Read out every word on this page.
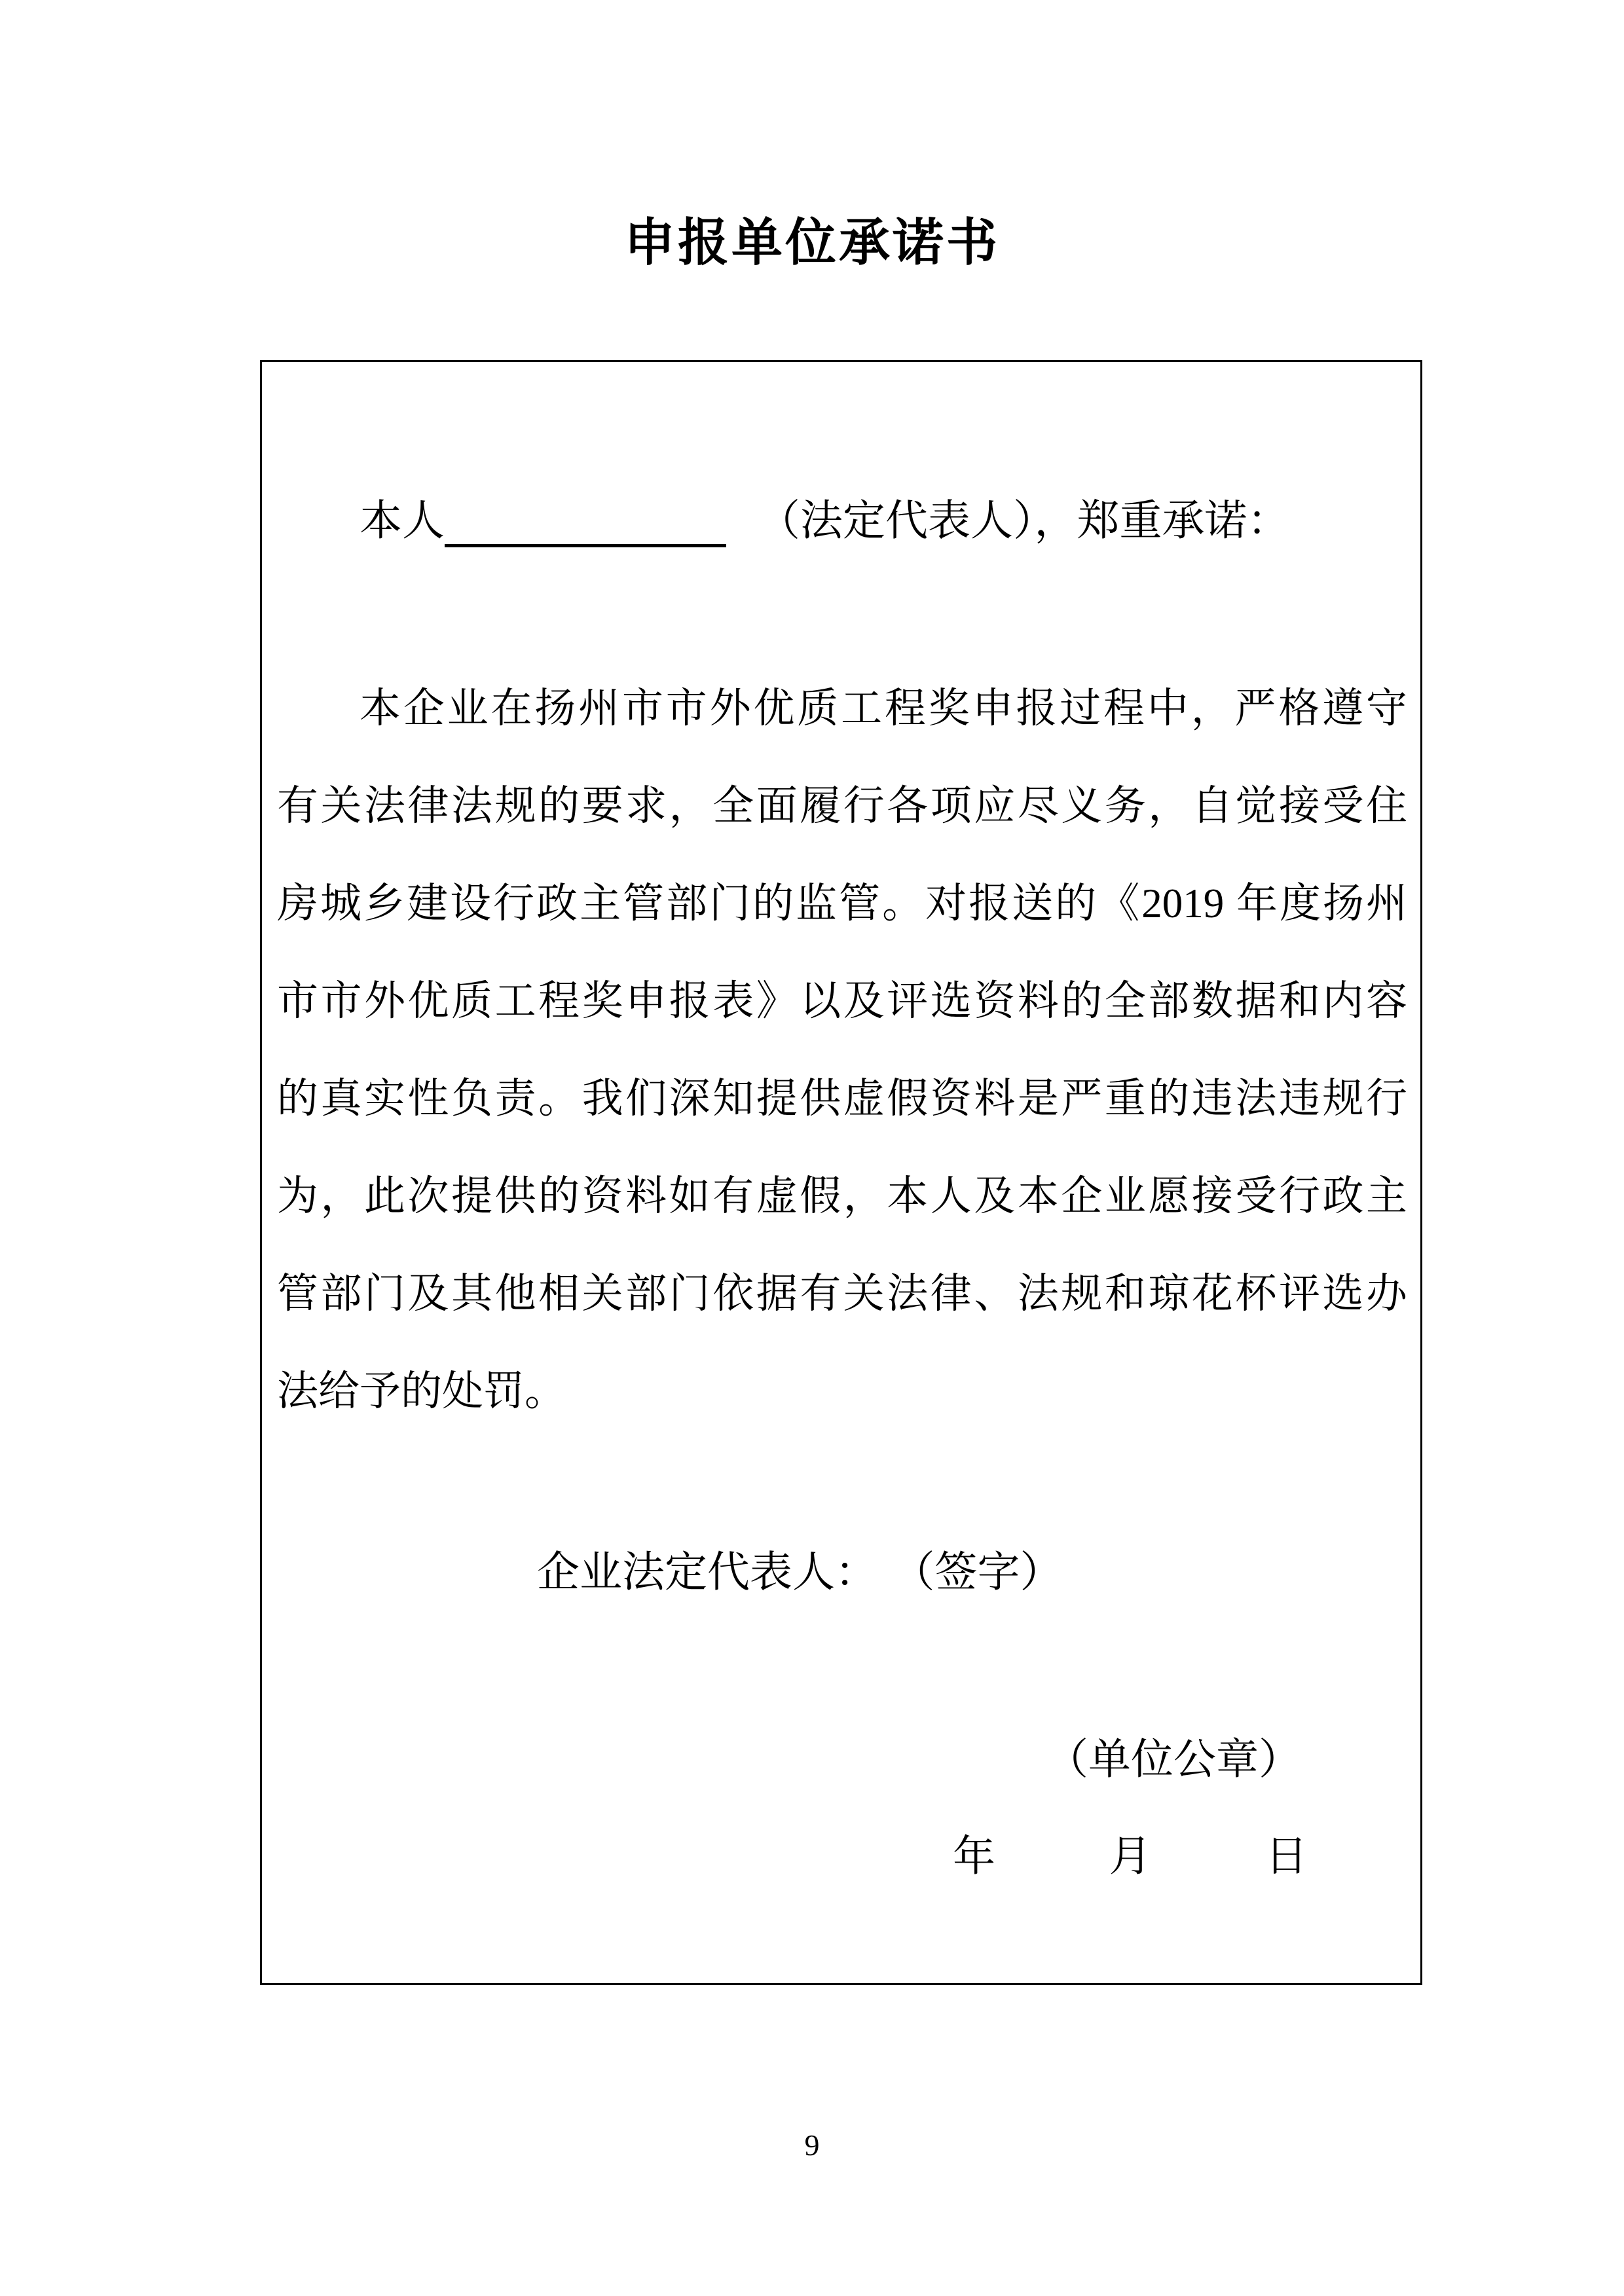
申报单位承诺书
本人	（法定代表人），郑重承诺：
本企业在扬州市市外优质工程奖申报过程中，严格遵守
有关法律法规的要求，全面履行各项应尽义务，自觉接受住
房城乡建设行政主管部门的监管。对报送的《2019 年度扬州
市市外优质工程奖申报表》以及评选资料的全部数据和内容
的真实性负责。我们深知提供虚假资料是严重的违法违规行
为，此次提供的资料如有虚假，本人及本企业愿接受行政主
管部门及其他相关部门依据有关法律、法规和琼花杯评选办
法给予的处罚。
企业法定代表人： （签字）
（单位公章）
年	月	日
9
